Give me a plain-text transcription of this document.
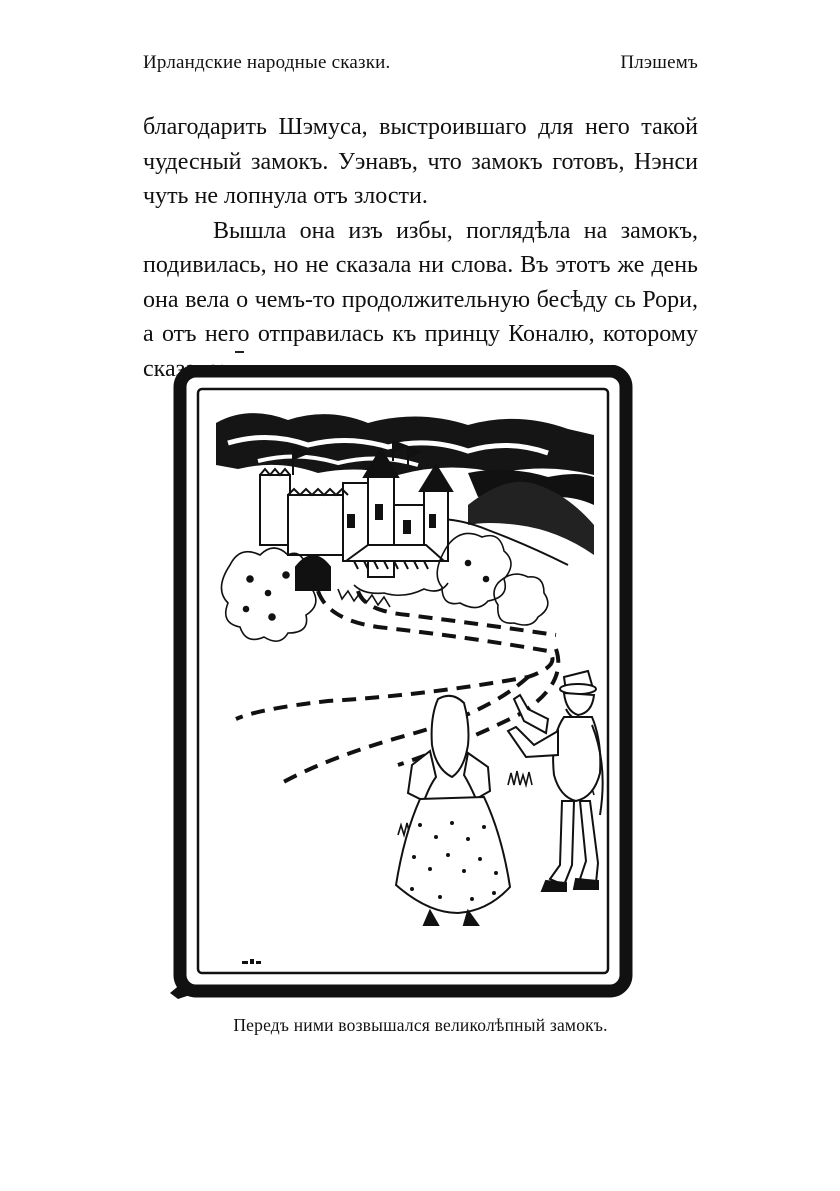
Ирландские народные сказки.	Плэшемъ

благодарить Шэмуса, выстроившаго для него такой чудесный замокъ. Уэнавъ, что замокъ готовъ, Нэнси чуть не лопнула отъ злости.

Вышла она изъ избы, поглядѣла на замокъ, подивилась, но не сказала ни слова. Въ этотъ же день она вела о чемъ-то продолжительную бесѣду сь Рори, а отъ него отправилась къ принцу Коналю, которому сказала:

Передъ ними возвышался великолѣпный замокъ.
